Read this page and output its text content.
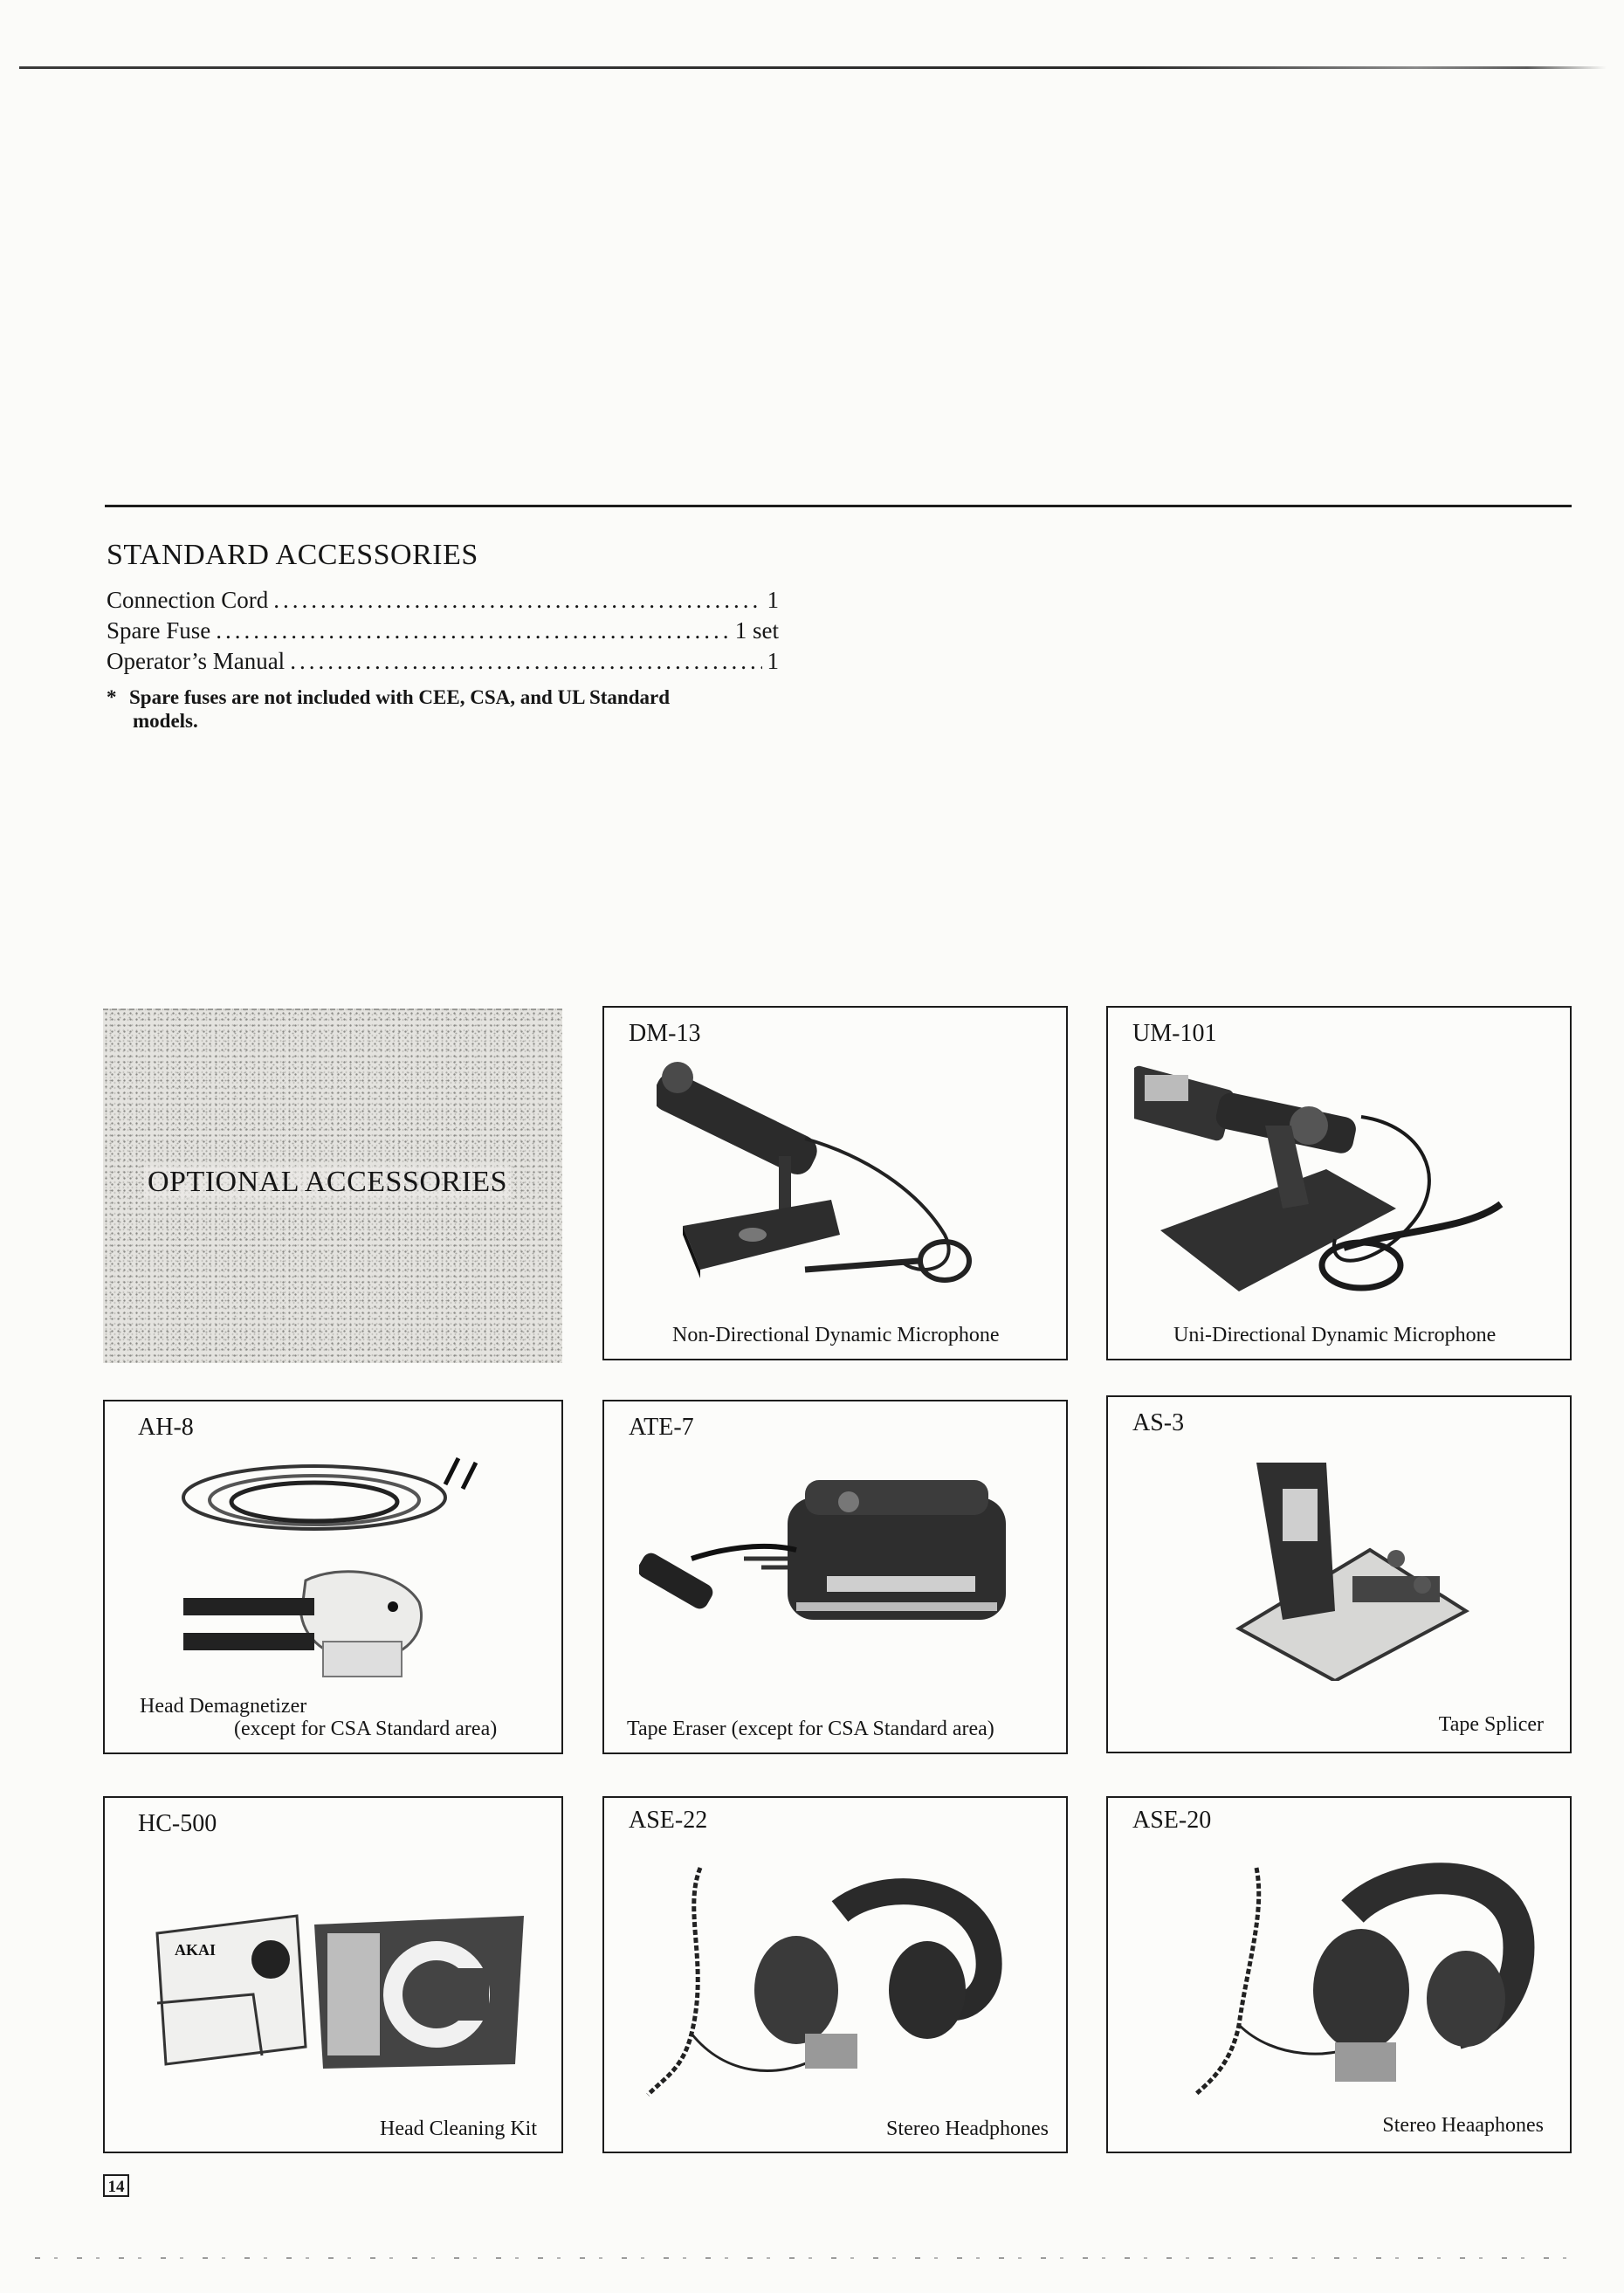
STANDARD ACCESSORIES
Connection Cord .....	1
Spare Fuse .....	1 set
Operator’s Manual .....	1
* Spare fuses are not included with CEE, CSA, and UL Standard
models.
OPTIONAL ACCESSORIES
DM-13
Non-Directional Dynamic Microphone
UM-101
Uni-Directional Dynamic Microphone
AH-8
Head Demagnetizer
(except for CSA Standard area)
ATE-7
Tape Eraser (except for CSA Standard area)
AS-3
Tape Splicer
HC-500
AKAI
Head Cleaning Kit
ASE-22
Stereo Headphones
ASE-20
Stereo Heaaphones
14
